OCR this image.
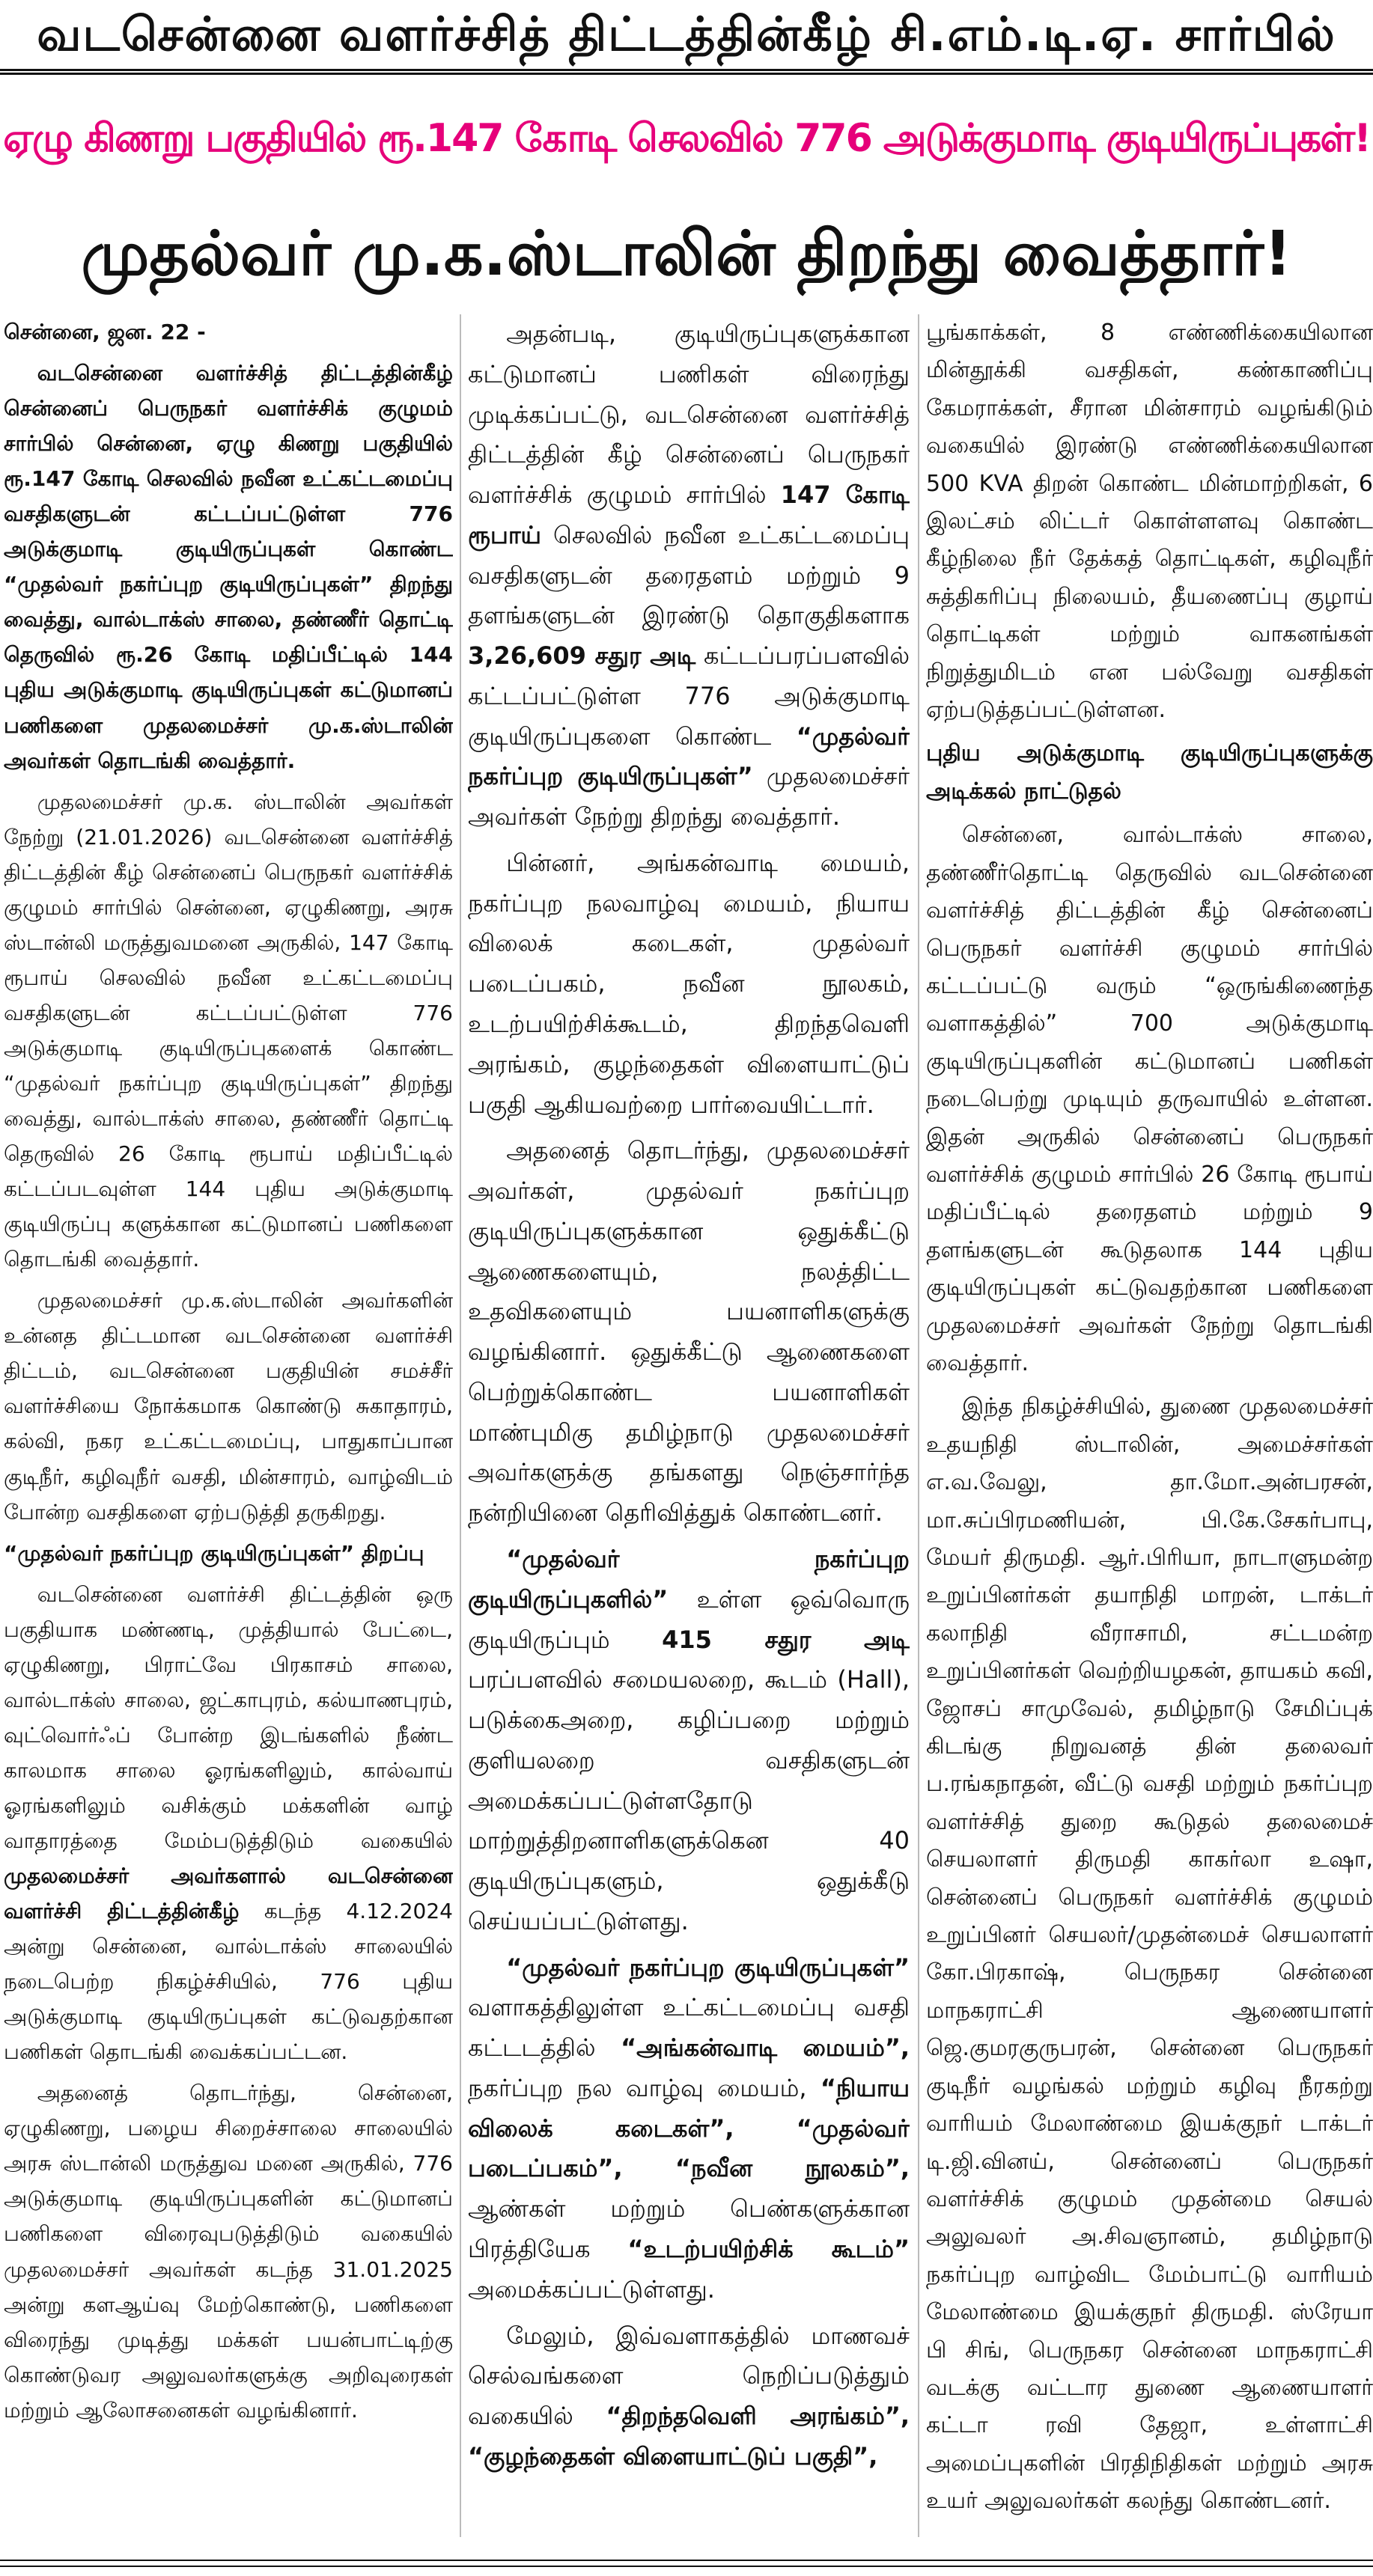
வடசென்னை வளர்ச்சித் திட்டத்தின்கீழ் சி.எம்.டி.ஏ. சார்பில்
ஏழு கிணறு பகுதியில் ரூ.147 கோடி செலவில் 776 அடுக்குமாடி குடியிருப்புகள்!
முதல்வர் மு.க.ஸ்டாலின் திறந்து வைத்தார்!

சென்னை, ஜன. 22 -

வடசென்னை வளர்ச்சித் திட்டத்தின்கீழ் சென்னைப் பெருநகர் வளர்ச்சிக் குழுமம் சார்பில் சென்னை, ஏழு கிணறு பகுதியில் ரூ.147 கோடி செலவில் நவீன உட்கட்டமைப்பு வசதிகளுடன் கட்டப்பட்டுள்ள 776 அடுக்குமாடி குடியிருப்புகள் கொண்ட “முதல்வர் நகர்ப்புற குடியிருப்புகள்” திறந்து வைத்து, வால்டாக்ஸ் சாலை, தண்ணீர் தொட்டி தெருவில் ரூ.26 கோடி மதிப்பீட்டில் 144 புதிய அடுக்குமாடி குடியிருப்புகள் கட்டுமானப் பணிகளை முதலமைச்சர் மு.க.ஸ்டாலின் அவர்கள் தொடங்கி வைத்தார்.

முதலமைச்சர் மு.க. ஸ்டாலின் அவர்கள் நேற்று (21.01.2026) வடசென்னை வளர்ச்சித் திட்டத்தின் கீழ் சென்னைப் பெருநகர் வளர்ச்சிக் குழுமம் சார்பில் சென்னை, ஏழுகிணறு, அரசு ஸ்டான்லி மருத்துவமனை அருகில், 147 கோடி ரூபாய் செலவில் நவீன உட்கட்டமைப்பு வசதிகளுடன் கட்டப்பட்டுள்ள 776 அடுக்குமாடி குடியிருப்புகளைக் கொண்ட “முதல்வர் நகர்ப்புற குடியிருப்புகள்” திறந்து வைத்து, வால்டாக்ஸ் சாலை, தண்ணீர் தொட்டி தெருவில் 26 கோடி ரூபாய் மதிப்பீட்டில் கட்டப்படவுள்ள 144 புதிய அடுக்குமாடி குடியிருப்பு களுக்கான கட்டுமானப் பணிகளை தொடங்கி வைத்தார்.

முதலமைச்சர் மு.க.ஸ்டாலின் அவர்களின் உன்னத திட்டமான வடசென்னை வளர்ச்சி திட்டம், வடசென்னை பகுதியின் சமச்சீர் வளர்ச்சியை நோக்கமாக கொண்டு சுகாதாரம், கல்வி, நகர உட்கட்டமைப்பு, பாதுகாப்பான குடிநீர், கழிவுநீர் வசதி, மின்சாரம், வாழ்விடம் போன்ற வசதிகளை ஏற்படுத்தி தருகிறது.

“முதல்வர் நகர்ப்புற குடியிருப்புகள்” திறப்பு

வடசென்னை வளர்ச்சி திட்டத்தின் ஒரு பகுதியாக மண்ணடி, முத்தியால் பேட்டை, ஏழுகிணறு, பிராட்வே பிரகாசம் சாலை, வால்டாக்ஸ் சாலை, ஜட்காபுரம், கல்யாணபுரம், வுட்வொர்ஃப் போன்ற இடங்களில் நீண்ட காலமாக சாலை ஓரங்களிலும், கால்வாய் ஓரங்களிலும் வசிக்கும் மக்களின் வாழ் வாதாரத்தை மேம்படுத்திடும் வகையில் முதலமைச்சர் அவர்களால் வடசென்னை வளர்ச்சி திட்டத்தின்கீழ் கடந்த 4.12.2024 அன்று சென்னை, வால்டாக்ஸ் சாலையில் நடைபெற்ற நிகழ்ச்சியில், 776 புதிய அடுக்குமாடி குடியிருப்புகள் கட்டுவதற்கான பணிகள் தொடங்கி வைக்கப்பட்டன.

அதனைத் தொடர்ந்து, சென்னை, ஏழுகிணறு, பழைய சிறைச்சாலை சாலையில் அரசு ஸ்டான்லி மருத்துவ மனை அருகில், 776 அடுக்குமாடி குடியிருப்புகளின் கட்டுமானப் பணிகளை விரைவுபடுத்திடும் வகையில் முதலமைச்சர் அவர்கள் கடந்த 31.01.2025 அன்று களஆய்வு மேற்கொண்டு, பணிகளை விரைந்து முடித்து மக்கள் பயன்பாட்டிற்கு கொண்டுவர அலுவலர்களுக்கு அறிவுரைகள் மற்றும் ஆலோசனைகள் வழங்கினார்.

அதன்படி, குடியிருப்புகளுக்கான கட்டுமானப் பணிகள் விரைந்து முடிக்கப்பட்டு, வடசென்னை வளர்ச்சித் திட்டத்தின் கீழ் சென்னைப் பெருநகர் வளர்ச்சிக் குழுமம் சார்பில் 147 கோடி ரூபாய் செலவில் நவீன உட்கட்டமைப்பு வசதிகளுடன் தரைதளம் மற்றும் 9 தளங்களுடன் இரண்டு தொகுதிகளாக 3,26,609 சதுர அடி கட்டப்பரப்பளவில் கட்டப்பட்டுள்ள 776 அடுக்குமாடி குடியிருப்புகளை கொண்ட “முதல்வர் நகர்ப்புற குடியிருப்புகள்” முதலமைச்சர் அவர்கள் நேற்று திறந்து வைத்தார்.

பின்னர், அங்கன்வாடி மையம், நகர்ப்புற நலவாழ்வு மையம், நியாய விலைக் கடைகள், முதல்வர் படைப்பகம், நவீன நூலகம், உடற்பயிற்சிக்கூடம், திறந்தவெளி அரங்கம், குழந்தைகள் விளையாட்டுப் பகுதி ஆகியவற்றை பார்வையிட்டார்.

அதனைத் தொடர்ந்து, முதலமைச்சர் அவர்கள், முதல்வர் நகர்ப்புற குடியிருப்புகளுக்கான ஒதுக்கீட்டு ஆணைகளையும், நலத்திட்ட உதவிகளையும் பயனாளிகளுக்கு வழங்கினார். ஒதுக்கீட்டு ஆணைகளை பெற்றுக்கொண்ட பயனாளிகள் மாண்புமிகு தமிழ்நாடு முதலமைச்சர் அவர்களுக்கு தங்களது நெஞ்சார்ந்த நன்றியினை தெரிவித்துக் கொண்டனர்.

“முதல்வர் நகர்ப்புற குடியிருப்புகளில்” உள்ள ஒவ்வொரு குடியிருப்பும் 415 சதுர அடி பரப்பளவில் சமையலறை, கூடம் (Hall), படுக்கைஅறை, கழிப்பறை மற்றும் குளியலறை வசதிகளுடன் அமைக்கப்பட்டுள்ளதோடு மாற்றுத்திறனாளிகளுக்கென 40 குடியிருப்புகளும், ஒதுக்கீடு செய்யப்பட்டுள்ளது.

“முதல்வர் நகர்ப்புற குடியிருப்புகள்” வளாகத்திலுள்ள உட்கட்டமைப்பு வசதி கட்டடத்தில் “அங்கன்வாடி மையம்”, நகர்ப்புற நல வாழ்வு மையம், “நியாய விலைக் கடைகள்”, “முதல்வர் படைப்பகம்”, “நவீன நூலகம்”, ஆண்கள் மற்றும் பெண்களுக்கான பிரத்தியேக “உடற்பயிற்சிக் கூடம்” அமைக்கப்பட்டுள்ளது.

மேலும், இவ்வளாகத்தில் மாணவச் செல்வங்களை நெறிப்படுத்தும் வகையில் “திறந்தவெளி அரங்கம்”, “குழந்தைகள் விளையாட்டுப் பகுதி”,

பூங்காக்கள், 8 எண்ணிக்கையிலான மின்தூக்கி வசதிகள், கண்காணிப்பு கேமராக்கள், சீரான மின்சாரம் வழங்கிடும் வகையில் இரண்டு எண்ணிக்கையிலான 500 KVA திறன் கொண்ட மின்மாற்றிகள், 6 இலட்சம் லிட்டர் கொள்ளளவு கொண்ட கீழ்நிலை நீர் தேக்கத் தொட்டிகள், கழிவுநீர் சுத்திகரிப்பு நிலையம், தீயணைப்பு குழாய் தொட்டிகள் மற்றும் வாகனங்கள் நிறுத்துமிடம் என பல்வேறு வசதிகள் ஏற்படுத்தப்பட்டுள்ளன.

புதிய அடுக்குமாடி குடியிருப்புகளுக்கு அடிக்கல் நாட்டுதல்

சென்னை, வால்டாக்ஸ் சாலை, தண்ணீர்தொட்டி தெருவில் வடசென்னை வளர்ச்சித் திட்டத்தின் கீழ் சென்னைப் பெருநகர் வளர்ச்சி குழுமம் சார்பில் கட்டப்பட்டு வரும் “ஒருங்கிணைந்த வளாகத்தில்” 700 அடுக்குமாடி குடியிருப்புகளின் கட்டுமானப் பணிகள் நடைபெற்று முடியும் தருவாயில் உள்ளன. இதன் அருகில் சென்னைப் பெருநகர் வளர்ச்சிக் குழுமம் சார்பில் 26 கோடி ரூபாய் மதிப்பீட்டில் தரைதளம் மற்றும் 9 தளங்களுடன் கூடுதலாக 144 புதிய குடியிருப்புகள் கட்டுவதற்கான பணிகளை முதலமைச்சர் அவர்கள் நேற்று தொடங்கி வைத்தார்.

இந்த நிகழ்ச்சியில், துணை முதலமைச்சர் உதயநிதி ஸ்டாலின், அமைச்சர்கள் எ.வ.வேலு, தா.மோ.அன்பரசன், மா.சுப்பிரமணியன், பி.கே.சேகர்பாபு, மேயர் திருமதி. ஆர்.பிரியா, நாடாளுமன்ற உறுப்பினர்கள் தயாநிதி மாறன், டாக்டர் கலாநிதி வீராசாமி, சட்டமன்ற உறுப்பினர்கள் வெற்றியழகன், தாயகம் கவி, ஜோசப் சாமுவேல், தமிழ்நாடு சேமிப்புக் கிடங்கு நிறுவனத் தின் தலைவர் ப.ரங்கநாதன், வீட்டு வசதி மற்றும் நகர்ப்புற வளர்ச்சித் துறை கூடுதல் தலைமைச் செயலாளர் திருமதி காகர்லா உஷா, சென்னைப் பெருநகர் வளர்ச்சிக் குழுமம் உறுப்பினர் செயலர்/முதன்மைச் செயலாளர் கோ.பிரகாஷ், பெருநகர சென்னை மாநகராட்சி ஆணையாளர் ஜெ.குமரகுருபரன், சென்னை பெருநகர் குடிநீர் வழங்கல் மற்றும் கழிவு நீரகற்று வாரியம் மேலாண்மை இயக்குநர் டாக்டர் டி.ஜி.வினய், சென்னைப் பெருநகர் வளர்ச்சிக் குழுமம் முதன்மை செயல் அலுவலர் அ.சிவஞானம், தமிழ்நாடு நகர்ப்புற வாழ்விட மேம்பாட்டு வாரியம் மேலாண்மை இயக்குநர் திருமதி. ஸ்ரேயா பி சிங், பெருநகர சென்னை மாநகராட்சி வடக்கு வட்டார துணை ஆணையாளர் கட்டா ரவி தேஜா, உள்ளாட்சி அமைப்புகளின் பிரதிநிதிகள் மற்றும் அரசு உயர் அலுவலர்கள் கலந்து கொண்டனர்.
